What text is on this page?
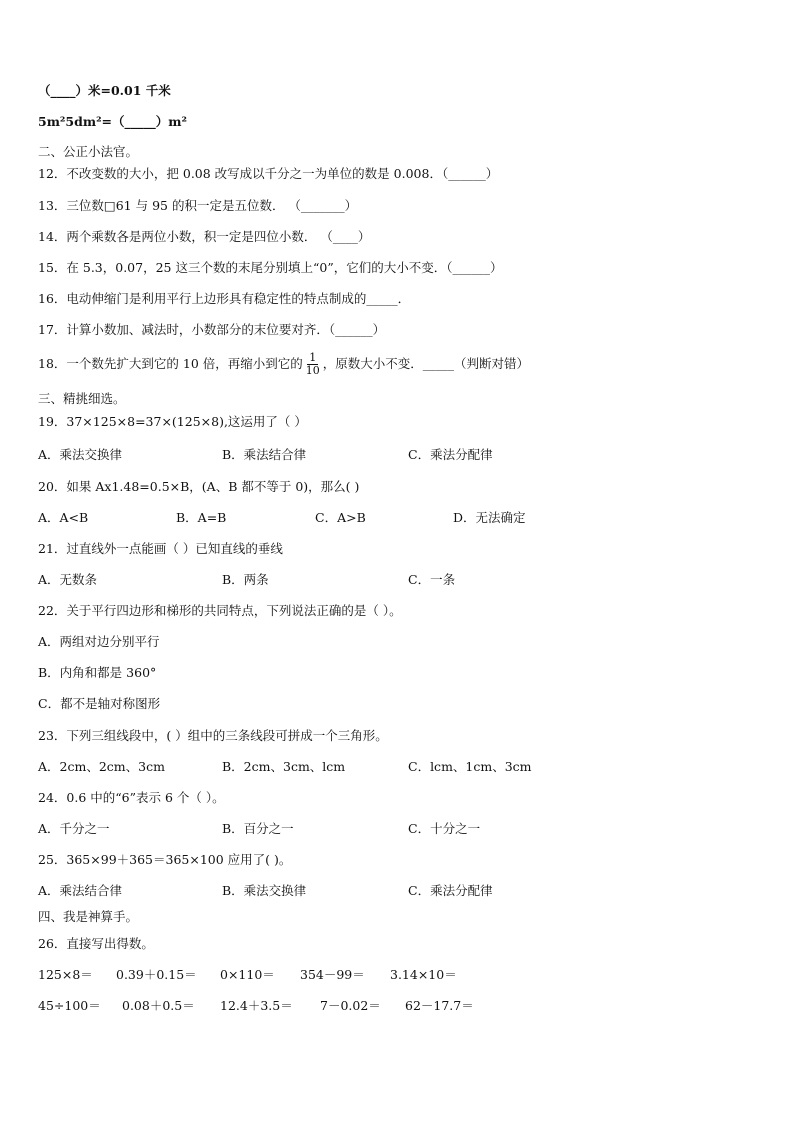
（____）米=0.01 千米
5m²5dm²=（_____）m²
二、公正小法官。
12．不改变数的大小，把 0.08 改写成以千分之一为单位的数是 0.008．（______）
13．三位数□61 与 95 的积一定是五位数． （_______）
14．两个乘数各是两位小数，积一定是四位小数． （____）
15．在 5.3，0.07，25 这三个数的末尾分别填上“0”，它们的大小不变．（______）
16．电动伸缩门是利用平行上边形具有稳定性的特点制成的_____．
17．计算小数加、减法时，小数部分的末位要对齐．（______）
18．一个数先扩大到它的 10 倍，再缩小到它的 $\frac{1}{10}$ ，原数大小不变．_____（判断对错）
三、精挑细选。
19．37×125×8=37×(125×8),这运用了（ ）
A．乘法交换律	B．乘法结合律	C．乘法分配律
20．如果 Ax1.48=0.5×B，(A、B 都不等于 0)，那么( )
A．A<B	B．A=B	C．A>B	D．无法确定
21．过直线外一点能画（ ）已知直线的垂线
A．无数条	B．两条	C．一条
22．关于平行四边形和梯形的共同特点，下列说法正确的是（ ）。
A．两组对边分别平行
B．内角和都是 360°
C．都不是轴对称图形
23．下列三组线段中，( ）组中的三条线段可拼成一个三角形。
A．2cm、2cm、3cm	B．2cm、3cm、lcm	C．lcm、1cm、3cm
24．0.6 中的“6”表示 6 个（ ）。
A．千分之一	B．百分之一	C．十分之一
25．365×99＋365＝365×100 应用了( )。
A．乘法结合律	B．乘法交换律	C．乘法分配律
四、我是神算手。
26．直接写出得数。
125×8＝ 0.39＋0.15＝ 0×110＝ 354－99＝ 3.14×10＝
45÷100＝ 0.08＋0.5＝ 12.4＋3.5＝ 7－0.02＝ 62－17.7＝
